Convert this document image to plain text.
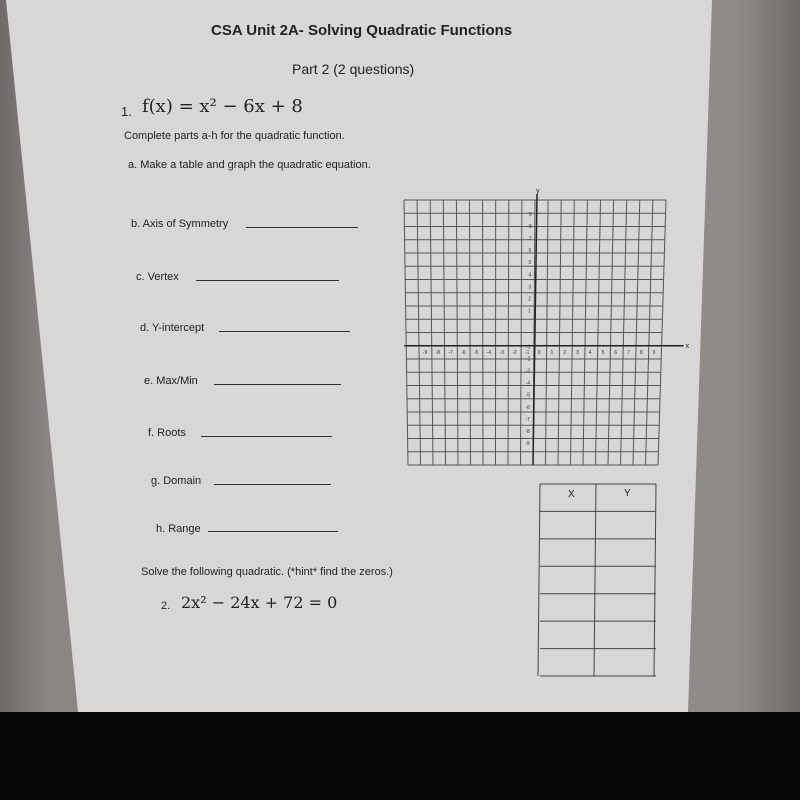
CSA Unit 2A- Solving Quadratic Functions
Part 2 (2 questions)
1. f(x) = x² − 6x + 8
Complete parts a-h for the quadratic function.
a. Make a table and graph the quadratic equation.
b. Axis of Symmetry
c. Vertex
d. Y-intercept
e. Max/Min
f. Roots
g. Domain
h. Range
Solve the following quadratic. (*hint* find the zeros.)
2. 2x² − 24x + 72 = 0
y
x
-9 -8 -7 -6 -5 -4 -3 -2 -1 0 1 2 3 4 5 6 7 8 9
9
8
7
6
5
4
3
2
1
-1
-2
-3
-4
-5
-6
-7
-8
-9
X	Y
